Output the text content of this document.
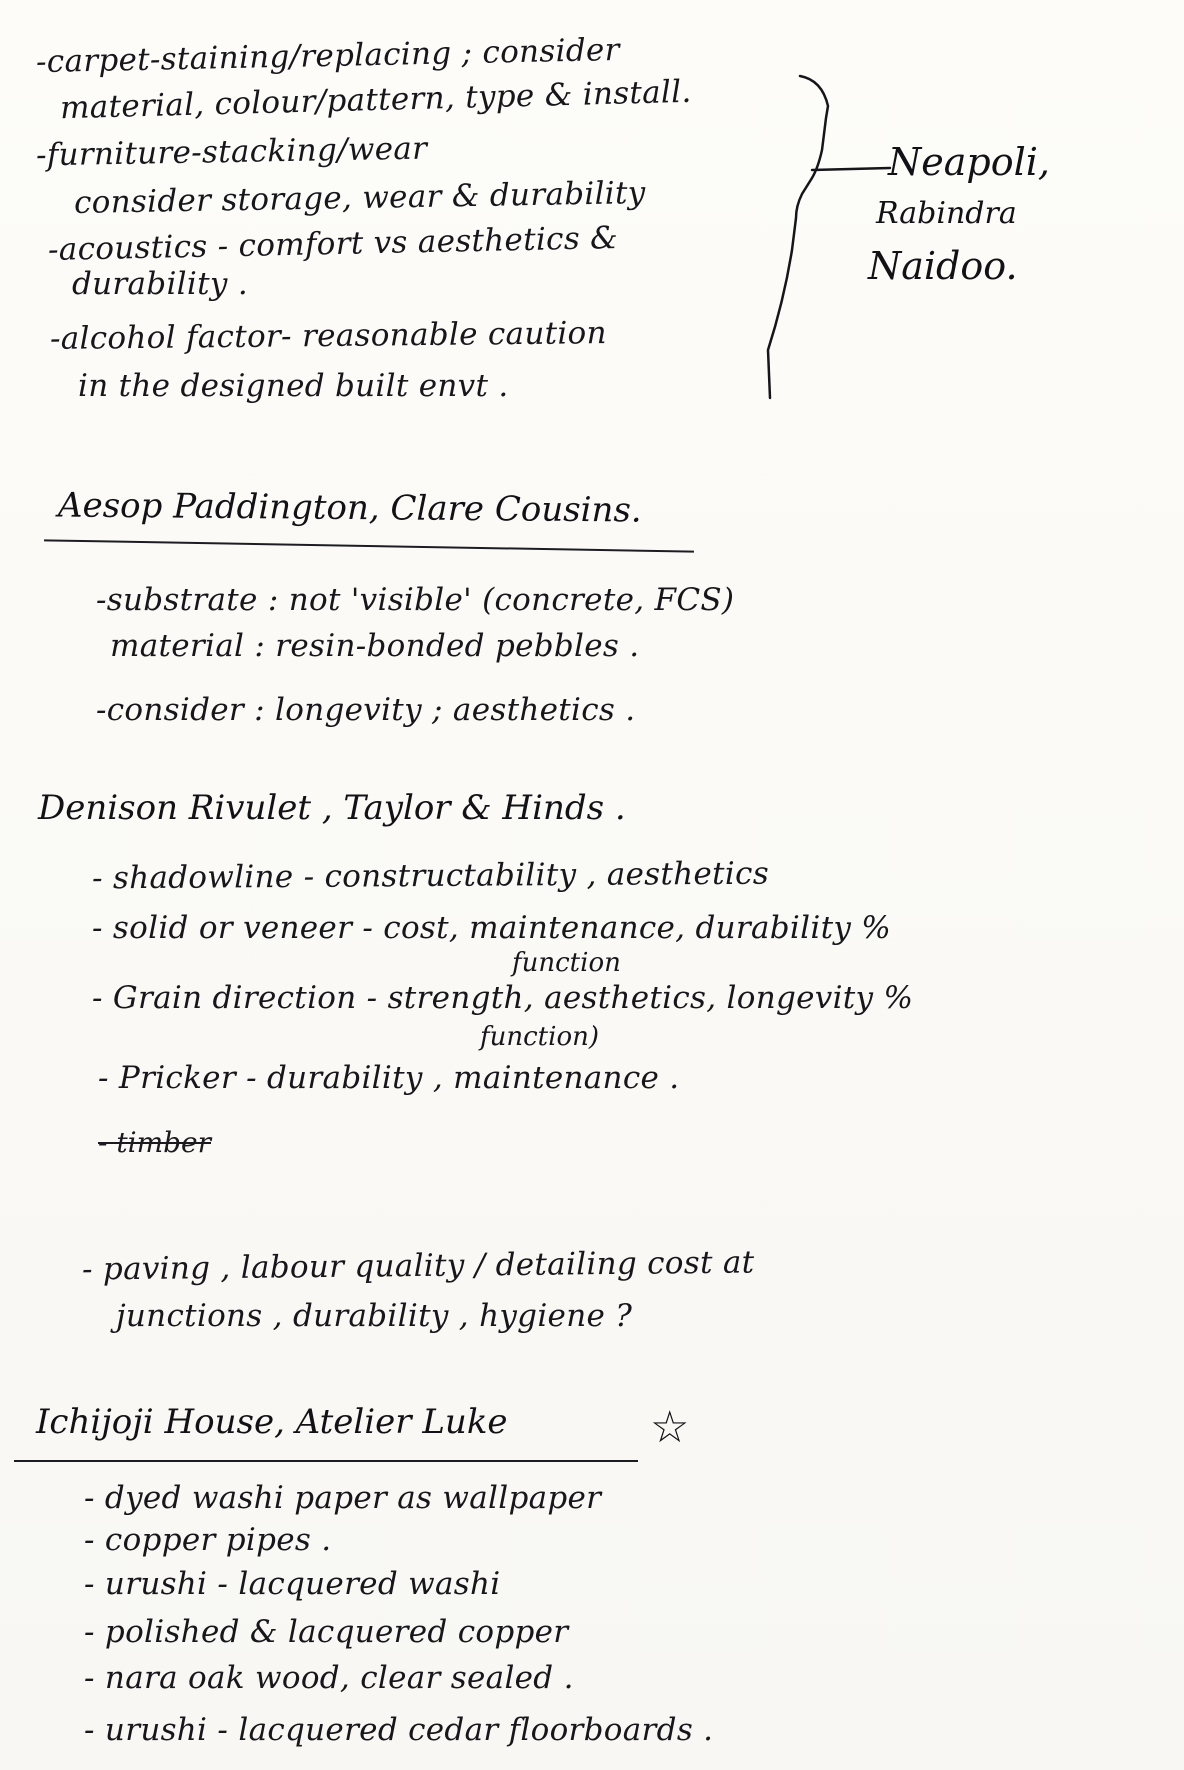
-carpet-staining/replacing ; consider
material, colour/pattern, type & install.
-furniture-stacking/wear
consider storage, wear & durability
-acoustics - comfort vs aesthetics &
durability .
-alcohol factor- reasonable caution
in the designed built envt .
Neapoli,
Rabindra
Naidoo.
Aesop Paddington, Clare Cousins.
-substrate : not 'visible' (concrete, FCS)
material : resin-bonded pebbles .
-consider : longevity ; aesthetics .
Denison Rivulet , Taylor & Hinds .
- shadowline - constructability , aesthetics
- solid or veneer - cost, maintenance, durability %
function
- Grain direction - strength, aesthetics, longevity %
function)
- Pricker - durability , maintenance .
- timber
- paving , labour quality / detailing cost at
junctions , durability , hygiene ?
Ichijoji House, Atelier Luke	☆
- dyed washi paper as wallpaper
- copper pipes .
- urushi - lacquered washi
- polished & lacquered copper
- nara oak wood, clear sealed .
- urushi - lacquered cedar floorboards .
